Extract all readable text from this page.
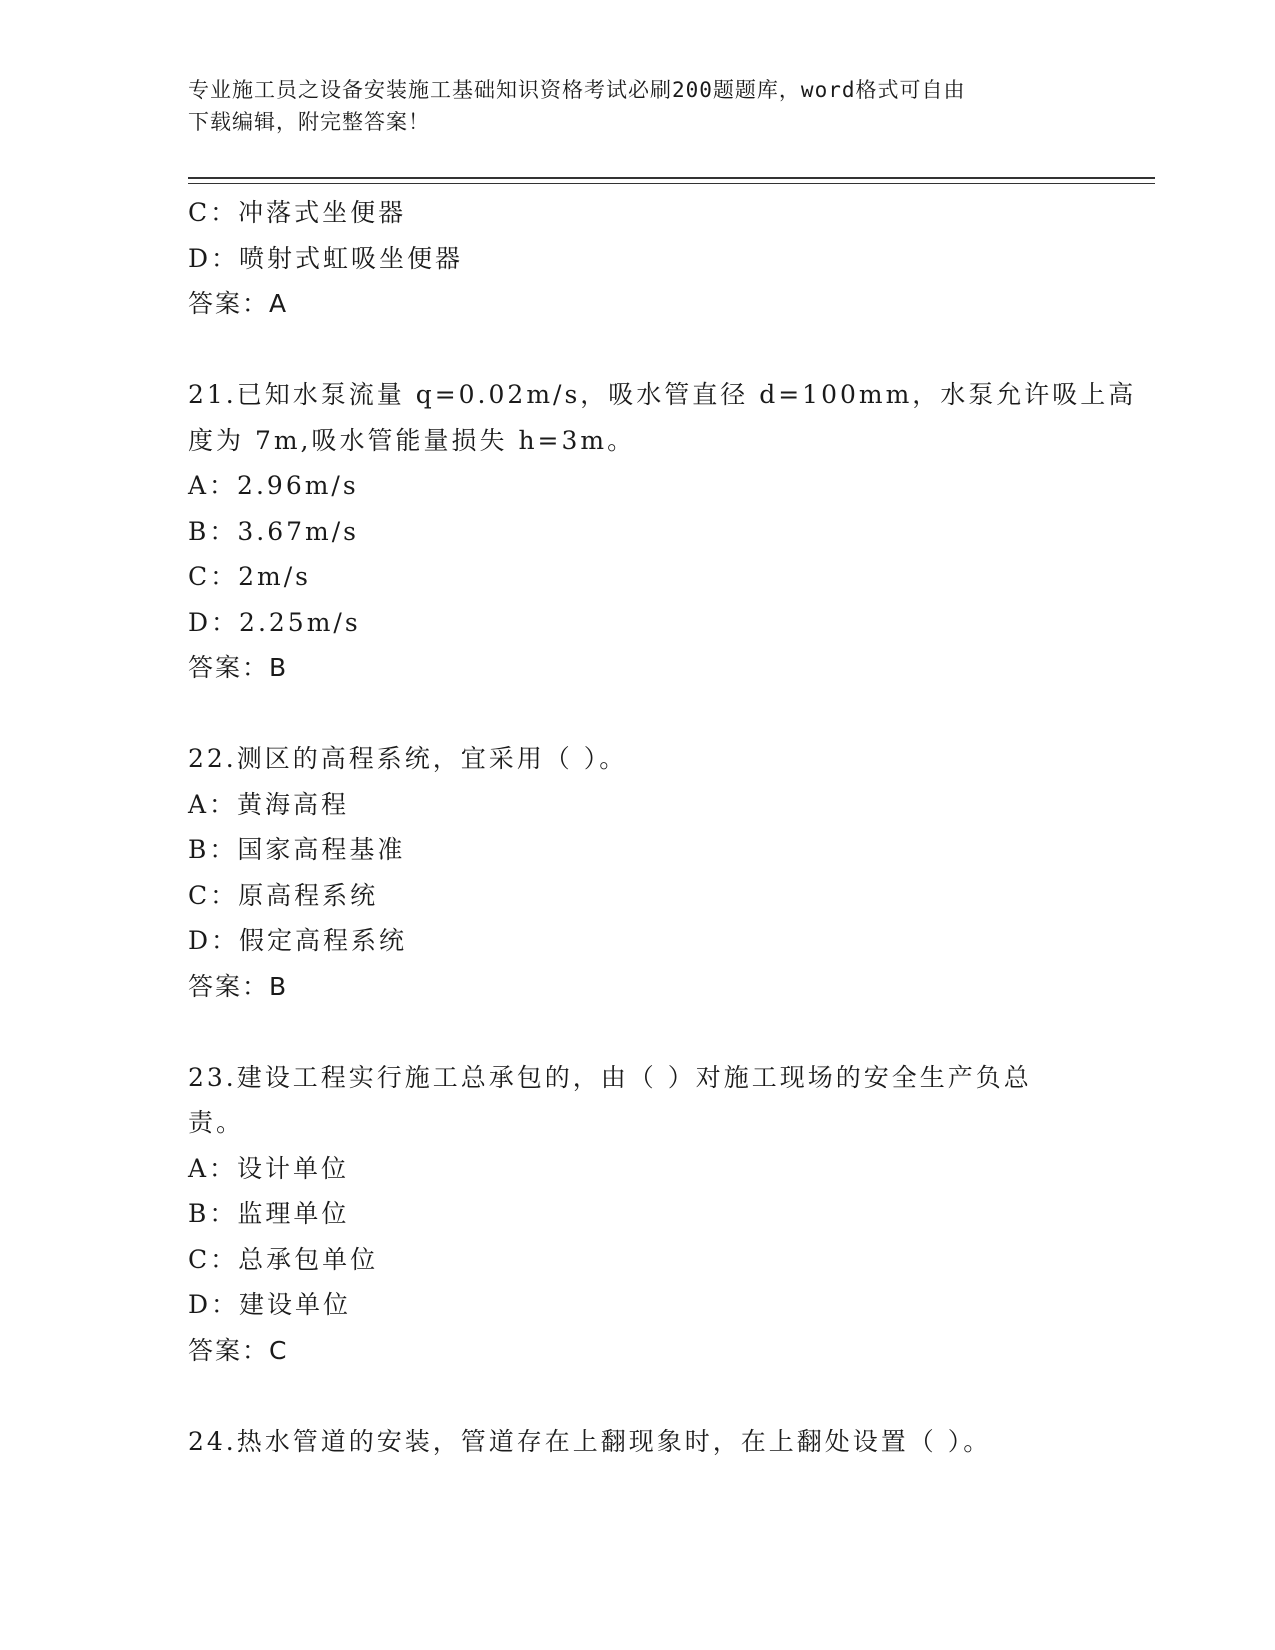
专业施工员之设备安装施工基础知识资格考试必刷200题题库，word格式可自由
下载编辑，附完整答案！
C：冲落式坐便器
D：喷射式虹吸坐便器
答案：A
21.已知水泵流量 q=0.02m/s，吸水管直径 d=100mm，水泵允许吸上高
度为 7m,吸水管能量损失 h=3m。
A：2.96m/s
B：3.67m/s
C：2m/s
D：2.25m/s
答案：B
22.测区的高程系统，宜采用（ ）。
A：黄海高程
B：国家高程基准
C：原高程系统
D：假定高程系统
答案：B
23.建设工程实行施工总承包的，由（ ）对施工现场的安全生产负总
责。
A：设计单位
B：监理单位
C：总承包单位
D：建设单位
答案：C
24.热水管道的安装，管道存在上翻现象时，在上翻处设置（ ）。
